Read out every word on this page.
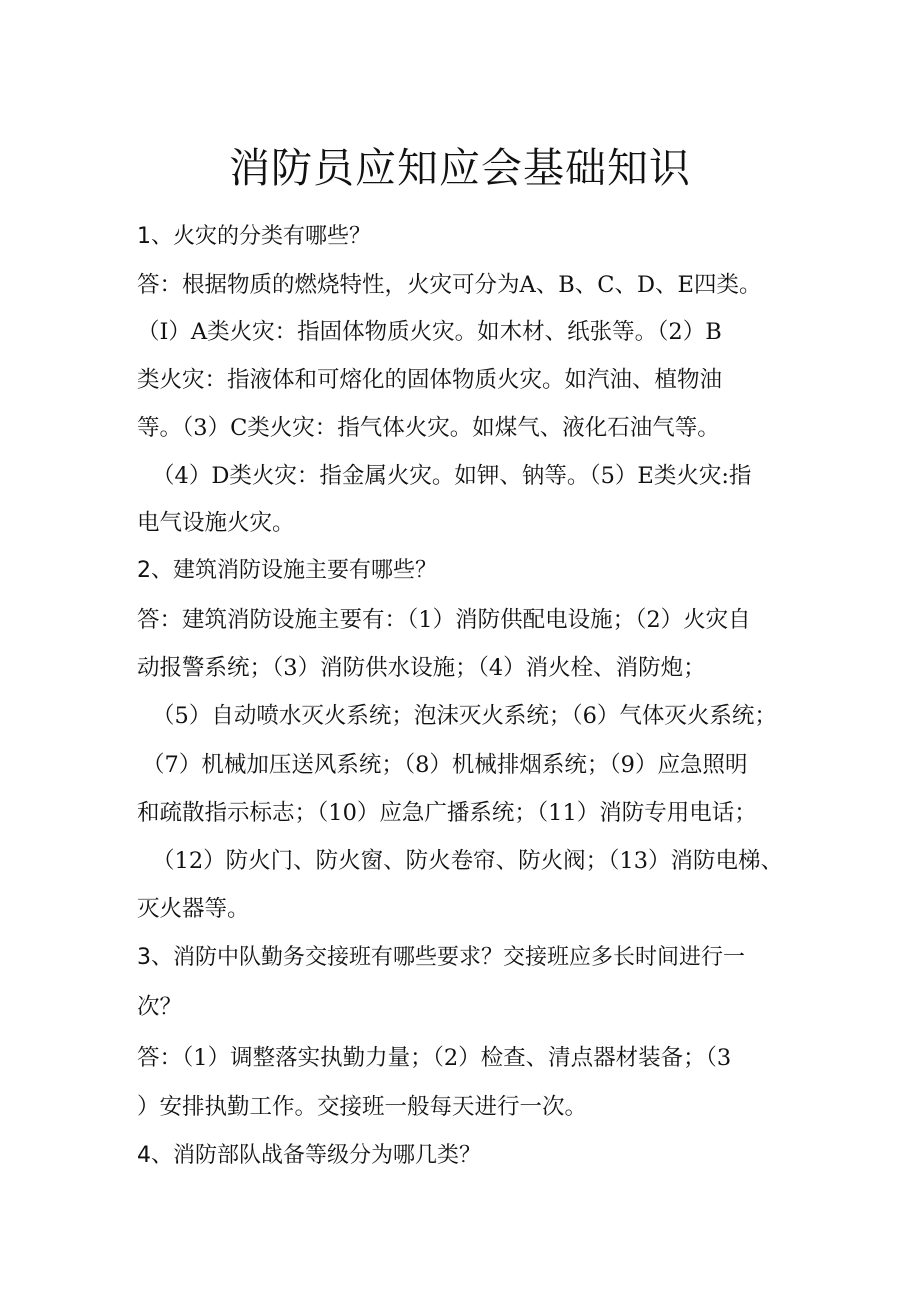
消防员应知应会基础知识

1、火灾的分类有哪些？

答：根据物质的燃烧特性，火灾可分为A、B、C、D、E四类。

（I）A类火灾：指固体物质火灾。如木材、纸张等。（2）B

类火灾：指液体和可熔化的固体物质火灾。如汽油、植物油

等。（3）C类火灾：指气体火灾。如煤气、液化石油气等。

（4）D类火灾：指金属火灾。如钾、钠等。（5）E类火灾:指

电气设施火灾。

2、建筑消防设施主要有哪些？

答：建筑消防设施主要有：（1）消防供配电设施；（2）火灾自

动报警系统；（3）消防供水设施；（4）消火栓、消防炮；

（5）自动喷水灭火系统；泡沫灭火系统；（6）气体灭火系统；

（7）机械加压送风系统；（8）机械排烟系统；（9）应急照明

和疏散指示标志；（10）应急广播系统；（11）消防专用电话；

（12）防火门、防火窗、防火卷帘、防火阀；（13）消防电梯、

灭火器等。

3、消防中队勤务交接班有哪些要求？交接班应多长时间进行一

次？

答：（1）调整落实执勤力量；（2）检查、清点器材装备；（3

）安排执勤工作。交接班一般每天进行一次。

4、消防部队战备等级分为哪几类？
